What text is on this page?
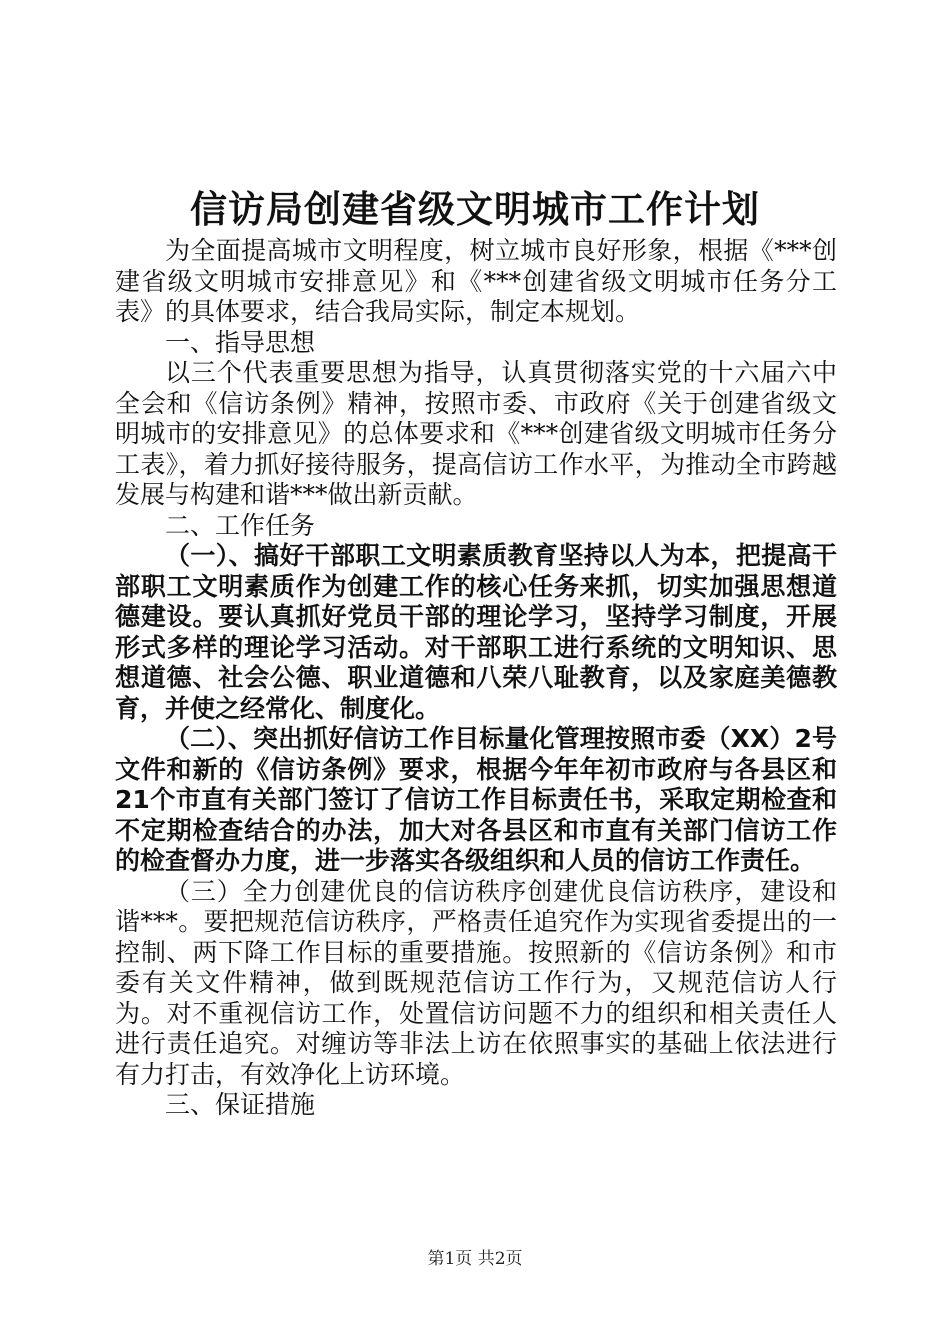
信访局创建省级文明城市工作计划

为全面提高城市文明程度，树立城市良好形象，根据《***创建省级文明城市安排意见》和《***创建省级文明城市任务分工表》的具体要求，结合我局实际，制定本规划。

一、指导思想

以三个代表重要思想为指导，认真贯彻落实党的十六届六中全会和《信访条例》精神，按照市委、市政府《关于创建省级文明城市的安排意见》的总体要求和《***创建省级文明城市任务分工表》，着力抓好接待服务，提高信访工作水平，为推动全市跨越发展与构建和谐***做出新贡献。

二、工作任务

（一）、搞好干部职工文明素质教育坚持以人为本，把提高干部职工文明素质作为创建工作的核心任务来抓，切实加强思想道德建设。要认真抓好党员干部的理论学习，坚持学习制度，开展形式多样的理论学习活动。对干部职工进行系统的文明知识、思想道德、社会公德、职业道德和八荣八耻教育，以及家庭美德教育，并使之经常化、制度化。

（二）、突出抓好信访工作目标量化管理按照市委（XX）2号文件和新的《信访条例》要求，根据今年年初市政府与各县区和21个市直有关部门签订了信访工作目标责任书，采取定期检查和不定期检查结合的办法，加大对各县区和市直有关部门信访工作的检查督办力度，进一步落实各级组织和人员的信访工作责任。

（三）全力创建优良的信访秩序创建优良信访秩序，建设和谐***。要把规范信访秩序，严格责任追究作为实现省委提出的一控制、两下降工作目标的重要措施。按照新的《信访条例》和市委有关文件精神，做到既规范信访工作行为，又规范信访人行为。对不重视信访工作，处置信访问题不力的组织和相关责任人进行责任追究。对缠访等非法上访在依照事实的基础上依法进行有力打击，有效净化上访环境。

三、保证措施

第1页 共2页
